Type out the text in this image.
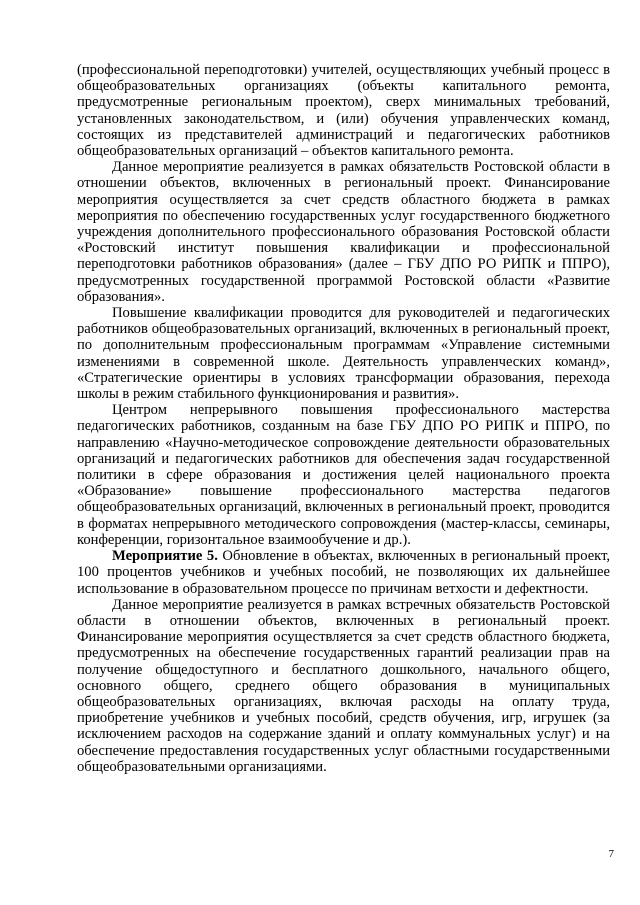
(профессиональной переподготовки) учителей, осуществляющих учебный процесс в общеобразовательных организациях (объекты капитального ремонта, предусмотренные региональным проектом), сверх минимальных требований, установленных законодательством, и (или) обучения управленческих команд, состоящих из представителей администраций и педагогических работников общеобразовательных организаций – объектов капитального ремонта.

Данное мероприятие реализуется в рамках обязательств Ростовской области в отношении объектов, включенных в региональный проект. Финансирование мероприятия осуществляется за счет средств областного бюджета в рамках мероприятия по обеспечению государственных услуг государственного бюджетного учреждения дополнительного профессионального образования Ростовской области «Ростовский институт повышения квалификации и профессиональной переподготовки работников образования» (далее – ГБУ ДПО РО РИПК и ППРО), предусмотренных государственной программой Ростовской области «Развитие образования».

Повышение квалификации проводится для руководителей и педагогических работников общеобразовательных организаций, включенных в региональный проект, по дополнительным профессиональным программам «Управление системными изменениями в современной школе. Деятельность управленческих команд», «Стратегические ориентиры в условиях трансформации образования, перехода школы в режим стабильного функционирования и развития».

Центром непрерывного повышения профессионального мастерства педагогических работников, созданным на базе ГБУ ДПО РО РИПК и ППРО, по направлению «Научно-методическое сопровождение деятельности образовательных организаций и педагогических работников для обеспечения задач государственной политики в сфере образования и достижения целей национального проекта «Образование» повышение профессионального мастерства педагогов общеобразовательных организаций, включенных в региональный проект, проводится в форматах непрерывного методического сопровождения (мастер-классы, семинары, конференции, горизонтальное взаимообучение и др.).

Мероприятие 5. Обновление в объектах, включенных в региональный проект, 100 процентов учебников и учебных пособий, не позволяющих их дальнейшее использование в образовательном процессе по причинам ветхости и дефектности.

Данное мероприятие реализуется в рамках встречных обязательств Ростовской области в отношении объектов, включенных в региональный проект. Финансирование мероприятия осуществляется за счет средств областного бюджета, предусмотренных на обеспечение государственных гарантий реализации прав на получение общедоступного и бесплатного дошкольного, начального общего, основного общего, среднего общего образования в муниципальных общеобразовательных организациях, включая расходы на оплату труда, приобретение учебников и учебных пособий, средств обучения, игр, игрушек (за исключением расходов на содержание зданий и оплату коммунальных услуг) и на обеспечение предоставления государственных услуг областными государственными общеобразовательными организациями.

7
